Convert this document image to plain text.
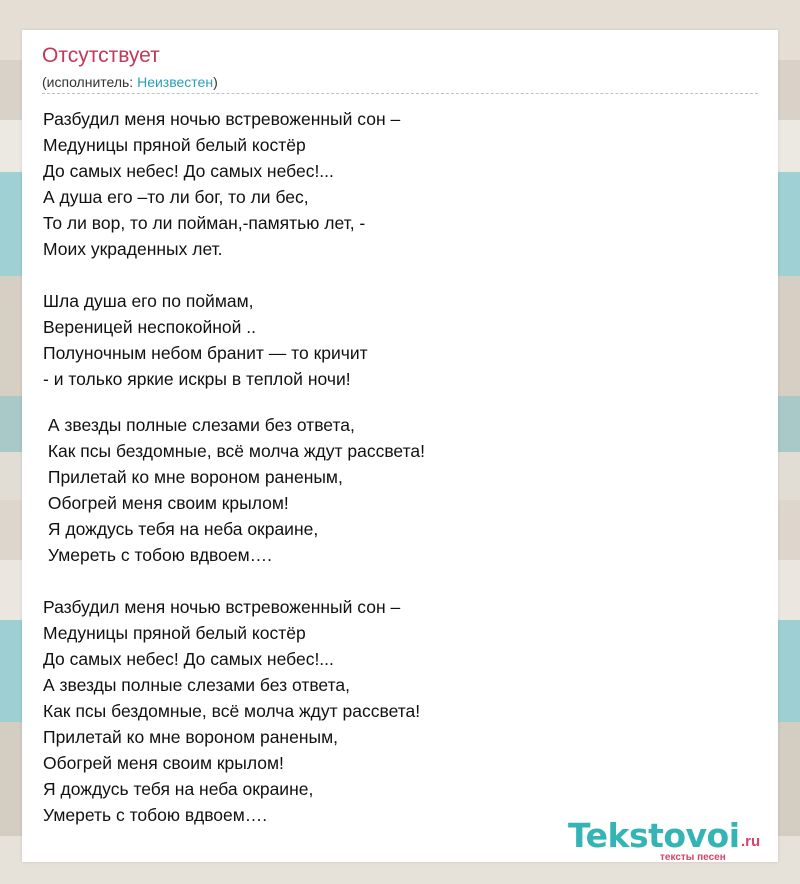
Отсутствует
(исполнитель: Неизвестен)
Разбудил меня ночью встревоженный сон –
Медуницы пряной белый костёр
До самых небес! До самых небес!...
А душа его –то ли бог, то ли бес,
То ли вор, то ли пойман,-памятью лет, -
Моих украденных лет.
Шла душа его по поймам,
Вереницей неспокойной ..
Полуночным небом бранит — то кричит
- и только яркие искры в теплой ночи!
А звезды полные слезами без ответа,
Как псы бездомные, всё молча ждут рассвета!
Прилетай ко мне вороном раненым,
Обогрей меня своим крылом!
Я дождусь тебя на неба окраине,
Умереть с тобою вдвоем….
Разбудил меня ночью встревоженный сон –
Медуницы пряной белый костёр
До самых небес! До самых небес!...
А звезды полные слезами без ответа,
Как псы бездомные, всё молча ждут рассвета!
Прилетай ко мне вороном раненым,
Обогрей меня своим крылом!
Я дождусь тебя на неба окраине,
Умереть с тобою вдвоем….
Tekstovoi .ru
тексты песен
